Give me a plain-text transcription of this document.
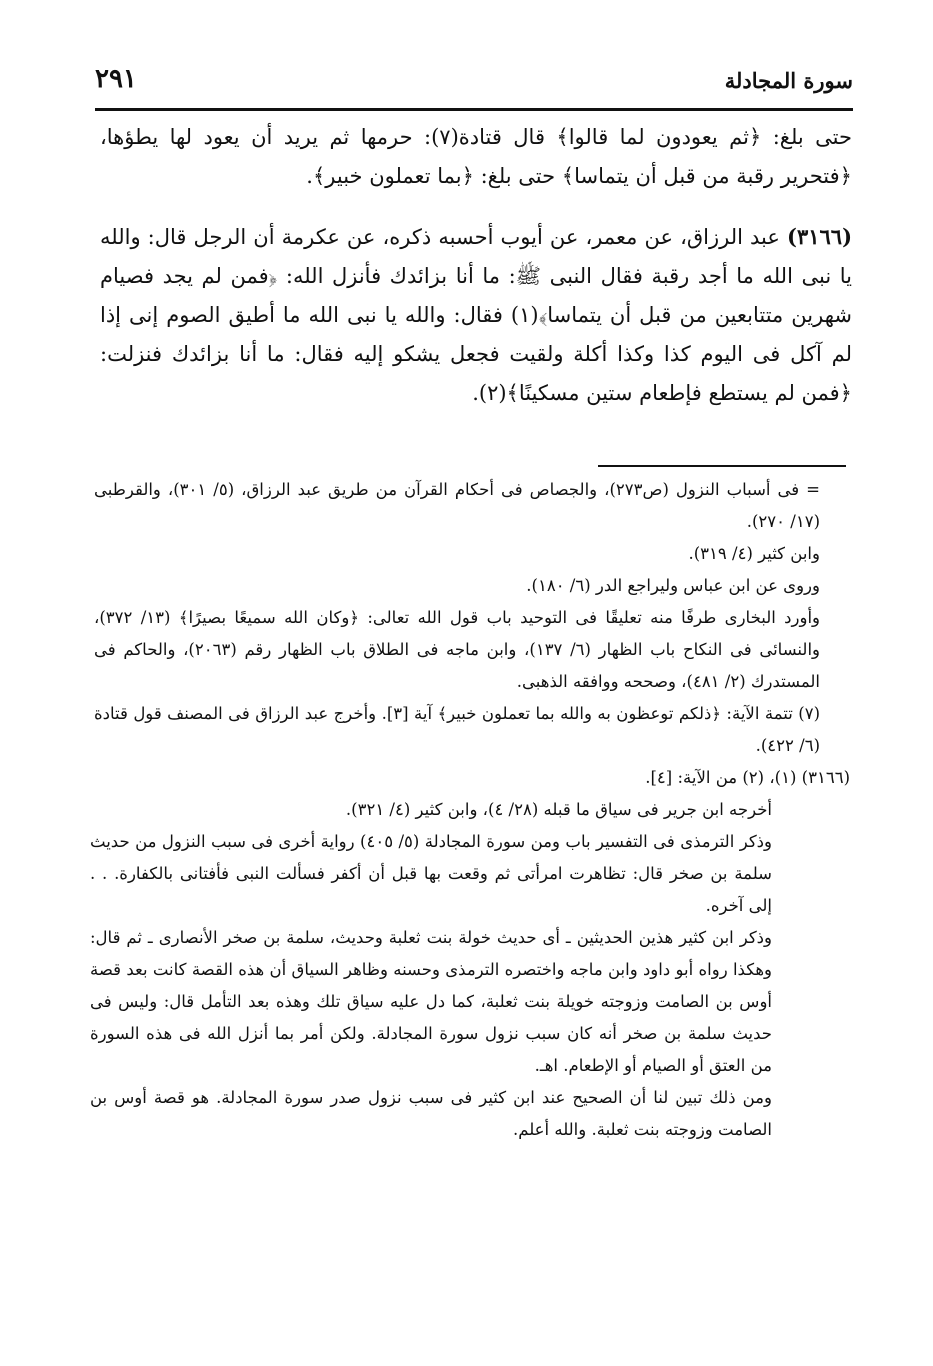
سورة المجادلة
٢٩١

حتى بلغ: ﴿ثم يعودون لما قالوا﴾ قال قتادة(٧): حرمها ثم يريد أن يعود لها يطؤها، ﴿فتحرير رقبة من قبل أن يتماسا﴾ حتى بلغ: ﴿بما تعملون خبير﴾.

(٣١٦٦) عبد الرزاق، عن معمر، عن أيوب أحسبه ذكره، عن عكرمة أن الرجل قال: والله يا نبى الله ما أجد رقبة فقال النبى ﷺ: ما أنا بزائدك فأنزل الله: ﴿فمن لم يجد فصيام شهرين متتابعين من قبل أن يتماسا﴾(١) فقال: والله يا نبى الله ما أطيق الصوم إنى إذا لم آكل فى اليوم كذا وكذا أكلة ولقيت فجعل يشكو إليه فقال: ما أنا بزائدك فنزلت: ﴿فمن لم يستطع فإطعام ستين مسكينًا﴾(٢).

= فى أسباب النزول (ص٢٧٣)، والجصاص فى أحكام القرآن من طريق عبد الرزاق، (٥/ ٣٠١)، والقرطبى (١٧/ ٢٧٠).

وابن كثير (٤/ ٣١٩).

وروى عن ابن عباس وليراجع الدر (٦/ ١٨٠).

وأورد البخارى طرفًا منه تعليقًا فى التوحيد باب قول الله تعالى: ﴿وكان الله سميعًا بصيرًا﴾ (١٣/ ٣٧٢)، والنسائى فى النكاح باب الظهار (٦/ ١٣٧)، وابن ماجه فى الطلاق باب الظهار رقم (٢٠٦٣)، والحاكم فى المستدرك (٢/ ٤٨١)، وصححه ووافقه الذهبى.

(٧) تتمة الآية: ﴿ذلكم توعظون به والله بما تعملون خبير﴾ آية [٣]. وأخرج عبد الرزاق فى المصنف قول قتادة (٦/ ٤٢٢).

(٣١٦٦) (١)، (٢) من الآية: [٤].

أخرجه ابن جرير فى سياق ما قبله (٢٨/ ٤)، وابن كثير (٤/ ٣٢١).

وذكر الترمذى فى التفسير باب ومن سورة المجادلة (٥/ ٤٠٥) رواية أخرى فى سبب النزول من حديث سلمة بن صخر قال: تظاهرت امرأتى ثم وقعت بها قبل أن أكفر فسألت النبى فأفتانى بالكفارة. . . إلى آخره.

وذكر ابن كثير هذين الحديثين ـ أى حديث خولة بنت ثعلبة وحديث، سلمة بن صخر الأنصارى ـ ثم قال: وهكذا رواه أبو داود وابن ماجه واختصره الترمذى وحسنه وظاهر السياق أن هذه القصة كانت بعد قصة أوس بن الصامت وزوجته خويلة بنت ثعلبة، كما دل عليه سياق تلك وهذه بعد التأمل قال: وليس فى حديث سلمة بن صخر أنه كان سبب نزول سورة المجادلة. ولكن أمر بما أنزل الله فى هذه السورة من العتق أو الصيام أو الإطعام. اهـ.

ومن ذلك تبين لنا أن الصحيح عند ابن كثير فى سبب نزول صدر سورة المجادلة. هو قصة أوس بن الصامت وزوجته بنت ثعلبة. والله أعلم.
